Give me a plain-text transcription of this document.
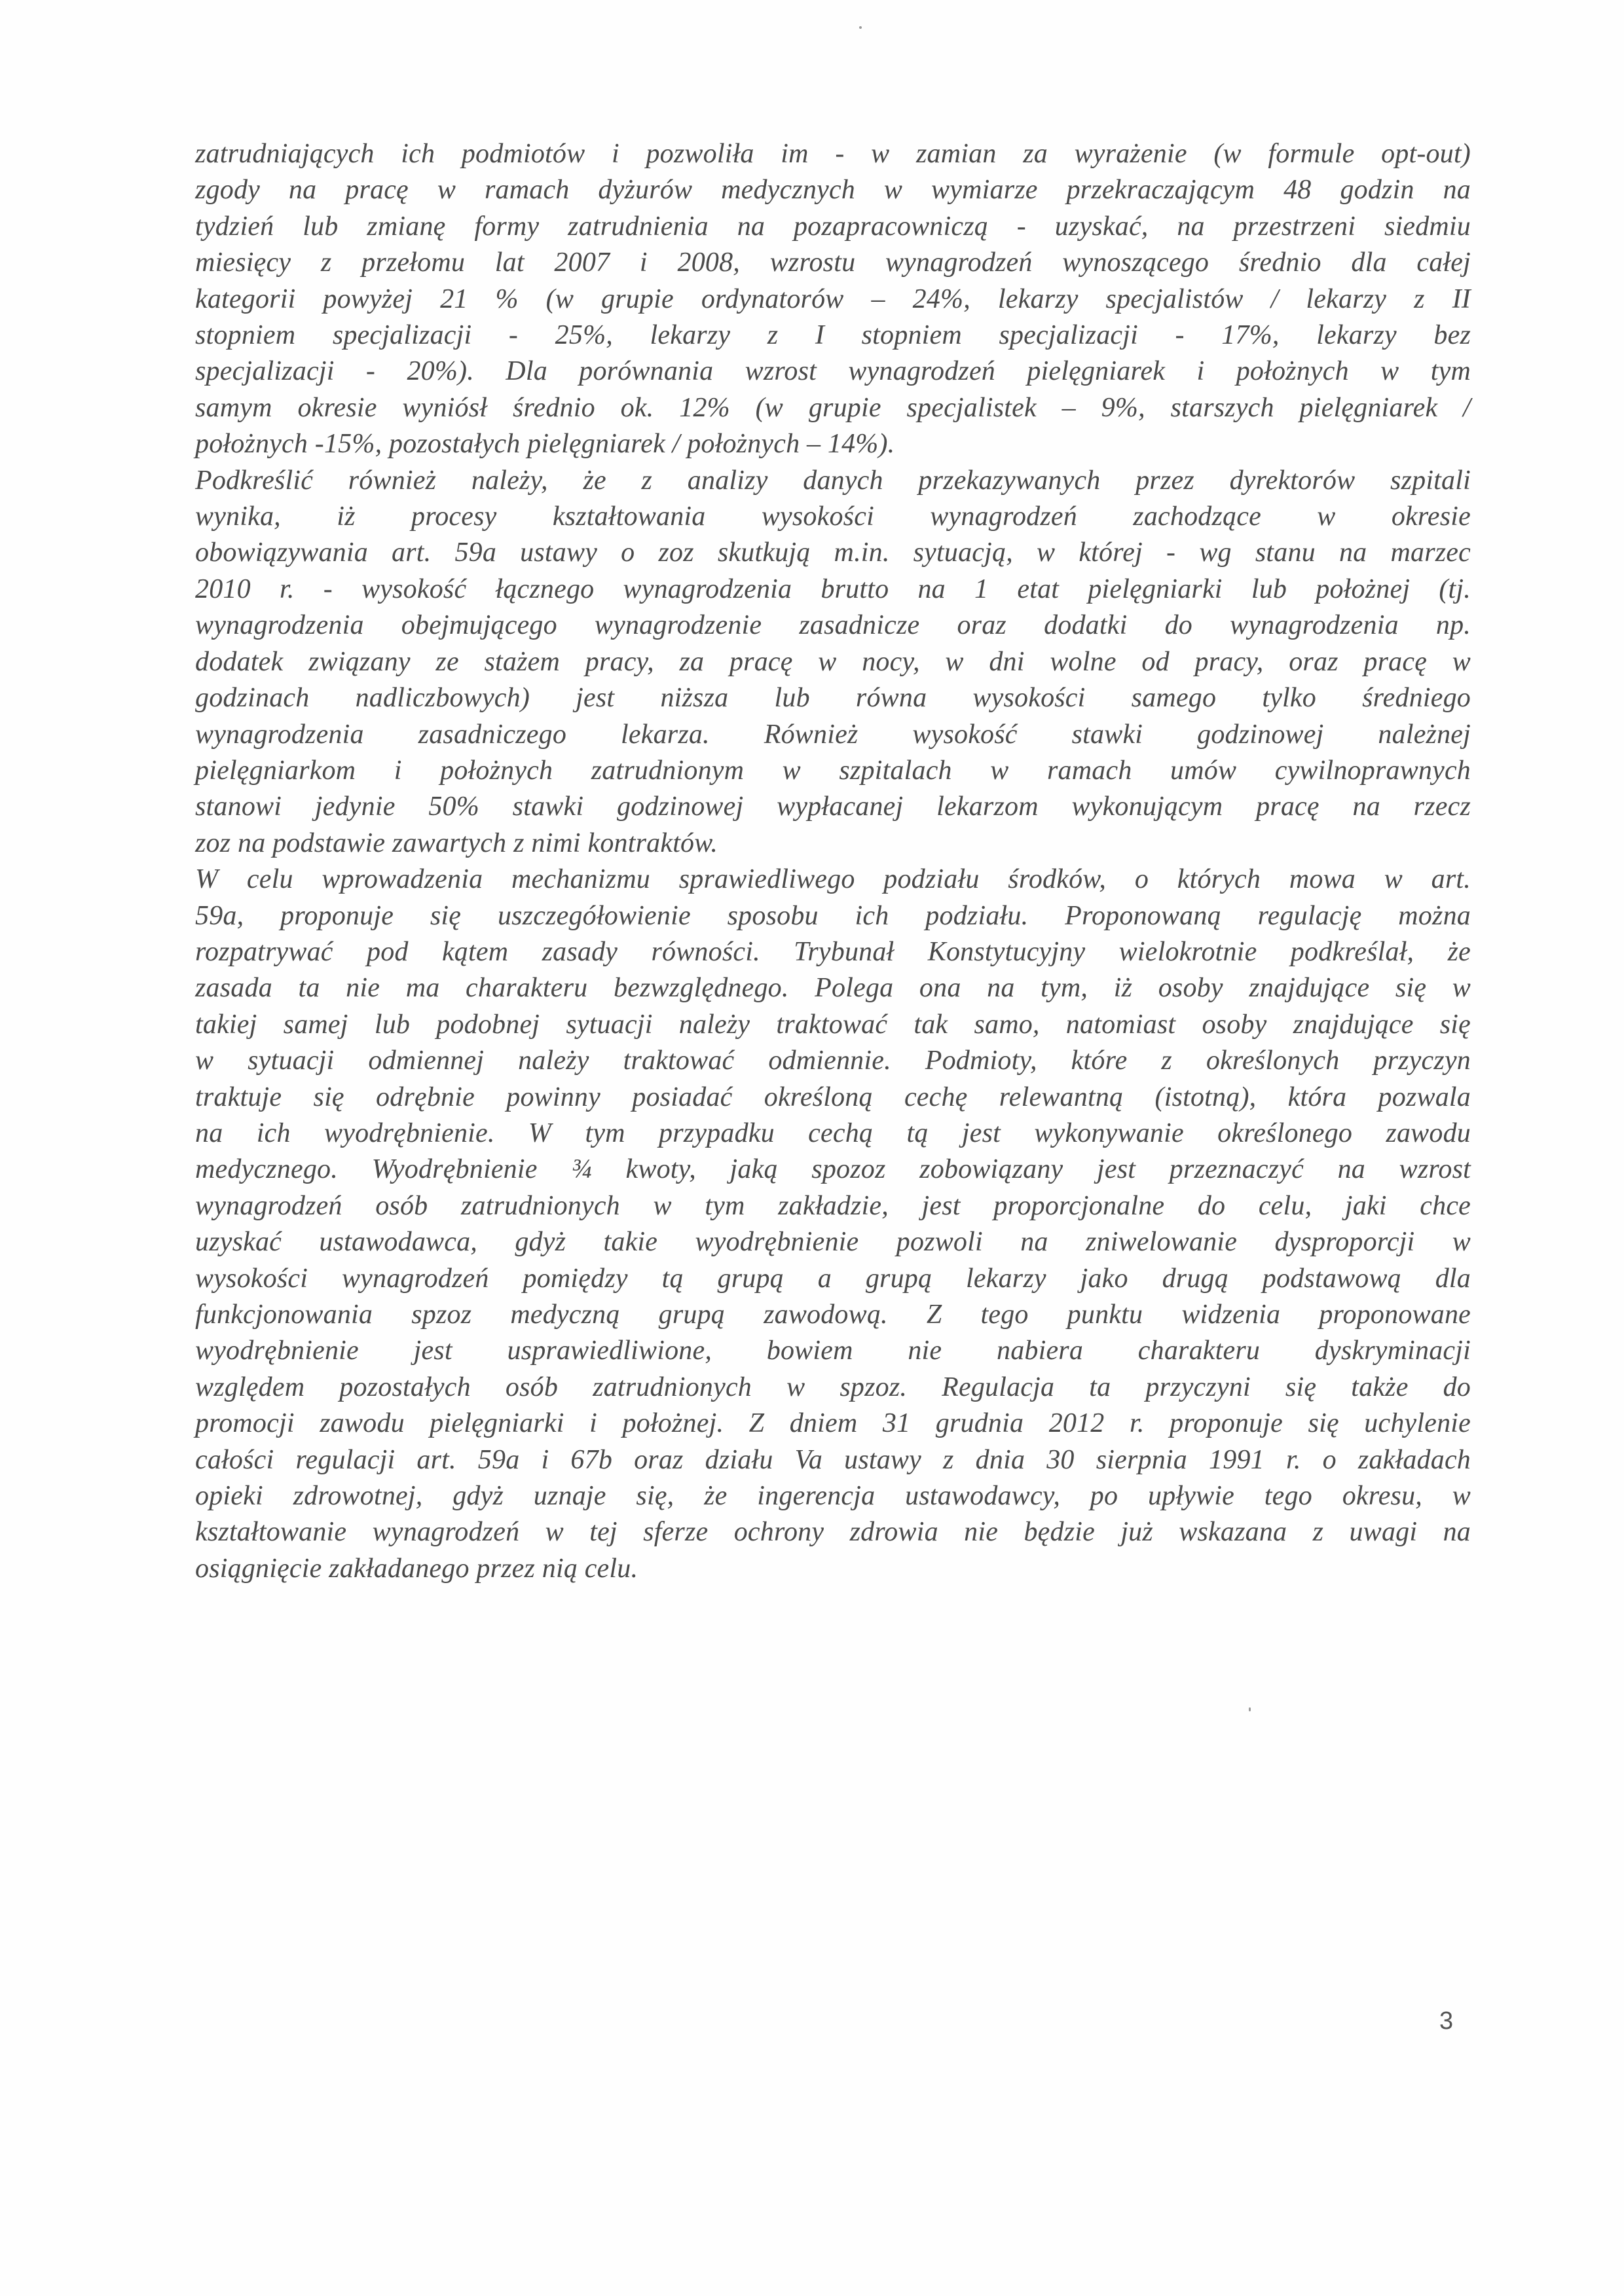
zatrudniających ich podmiotów i pozwoliła im - w zamian za wyrażenie (w formule opt-out)
zgody na pracę w ramach dyżurów medycznych w wymiarze przekraczającym 48 godzin na
tydzień lub zmianę formy zatrudnienia na pozapracowniczą - uzyskać, na przestrzeni siedmiu
miesięcy z przełomu lat 2007 i 2008, wzrostu wynagrodzeń wynoszącego średnio dla całej
kategorii powyżej 21 % (w grupie ordynatorów – 24%, lekarzy specjalistów / lekarzy z II
stopniem specjalizacji - 25%, lekarzy z I stopniem specjalizacji - 17%, lekarzy bez
specjalizacji - 20%). Dla porównania wzrost wynagrodzeń pielęgniarek i położnych w tym
samym okresie wyniósł średnio ok. 12% (w grupie specjalistek – 9%, starszych pielęgniarek /
położnych -15%, pozostałych pielęgniarek / położnych – 14%).
Podkreślić również należy, że z analizy danych przekazywanych przez dyrektorów szpitali
wynika, iż procesy kształtowania wysokości wynagrodzeń zachodzące w okresie
obowiązywania art. 59a ustawy o zoz skutkują m.in. sytuacją, w której - wg stanu na marzec
2010 r. - wysokość łącznego wynagrodzenia brutto na 1 etat pielęgniarki lub położnej (tj.
wynagrodzenia obejmującego wynagrodzenie zasadnicze oraz dodatki do wynagrodzenia np.
dodatek związany ze stażem pracy, za pracę w nocy, w dni wolne od pracy, oraz pracę w
godzinach nadliczbowych) jest niższa lub równa wysokości samego tylko średniego
wynagrodzenia zasadniczego lekarza. Również wysokość stawki godzinowej należnej
pielęgniarkom i położnych zatrudnionym w szpitalach w ramach umów cywilnoprawnych
stanowi jedynie 50% stawki godzinowej wypłacanej lekarzom wykonującym pracę na rzecz
zoz na podstawie zawartych z nimi kontraktów.
W celu wprowadzenia mechanizmu sprawiedliwego podziału środków, o których mowa w art.
59a, proponuje się uszczegółowienie sposobu ich podziału. Proponowaną regulację można
rozpatrywać pod kątem zasady równości. Trybunał Konstytucyjny wielokrotnie podkreślał, że
zasada ta nie ma charakteru bezwzględnego. Polega ona na tym, iż osoby znajdujące się w
takiej samej lub podobnej sytuacji należy traktować tak samo, natomiast osoby znajdujące się
w sytuacji odmiennej należy traktować odmiennie. Podmioty, które z określonych przyczyn
traktuje się odrębnie powinny posiadać określoną cechę relewantną (istotną), która pozwala
na ich wyodrębnienie. W tym przypadku cechą tą jest wykonywanie określonego zawodu
medycznego. Wyodrębnienie ¾ kwoty, jaką spozoz zobowiązany jest przeznaczyć na wzrost
wynagrodzeń osób zatrudnionych w tym zakładzie, jest proporcjonalne do celu, jaki chce
uzyskać ustawodawca, gdyż takie wyodrębnienie pozwoli na zniwelowanie dysproporcji w
wysokości wynagrodzeń pomiędzy tą grupą a grupą lekarzy jako drugą podstawową dla
funkcjonowania spzoz medyczną grupą zawodową. Z tego punktu widzenia proponowane
wyodrębnienie jest usprawiedliwione, bowiem nie nabiera charakteru dyskryminacji
względem pozostałych osób zatrudnionych w spzoz. Regulacja ta przyczyni się także do
promocji zawodu pielęgniarki i położnej. Z dniem 31 grudnia 2012 r. proponuje się uchylenie
całości regulacji art. 59a i 67b oraz działu Va ustawy z dnia 30 sierpnia 1991 r. o zakładach
opieki zdrowotnej, gdyż uznaje się, że ingerencja ustawodawcy, po upływie tego okresu, w
kształtowanie wynagrodzeń w tej sferze ochrony zdrowia nie będzie już wskazana z uwagi na
osiągnięcie zakładanego przez nią celu.
3
